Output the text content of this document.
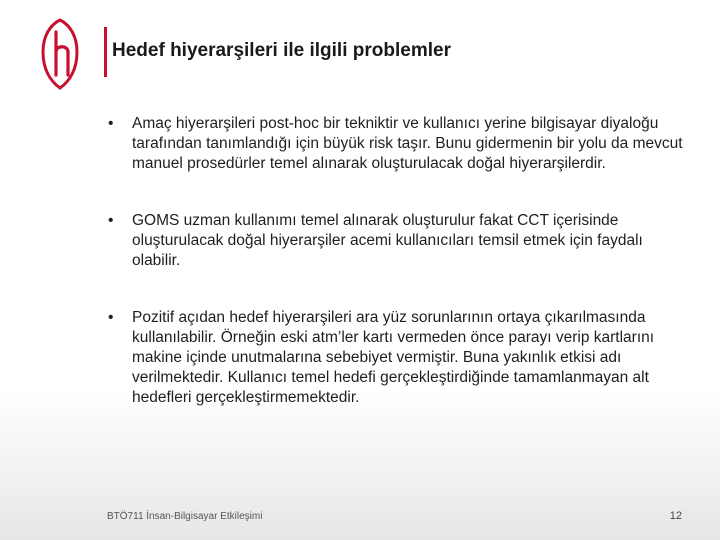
Hedef hiyerarşileri ile ilgili problemler
•	Amaç hiyerarşileri post-hoc bir tekniktir ve kullanıcı yerine bilgisayar diyaloğu tarafından tanımlandığı için büyük risk taşır. Bunu gidermenin bir yolu da mevcut manuel prosedürler temel alınarak oluşturulacak doğal hiyerarşilerdir.
•	GOMS uzman kullanımı temel alınarak oluşturulur fakat CCT içerisinde oluşturulacak doğal hiyerarşiler acemi kullanıcıları temsil etmek için faydalı olabilir.
•	Pozitif açıdan hedef hiyerarşileri ara yüz sorunlarının ortaya çıkarılmasında kullanılabilir. Örneğin eski atm’ler kartı vermeden önce parayı verip kartlarını makine içinde unutmalarına sebebiyet vermiştir. Buna yakınlık etkisi adı verilmektedir. Kullanıcı temel hedefi gerçekleştirdiğinde tamamlanmayan alt hedefleri gerçekleştirmemektedir.
BTÖ711 İnsan-Bilgisayar Etkileşimi	12
